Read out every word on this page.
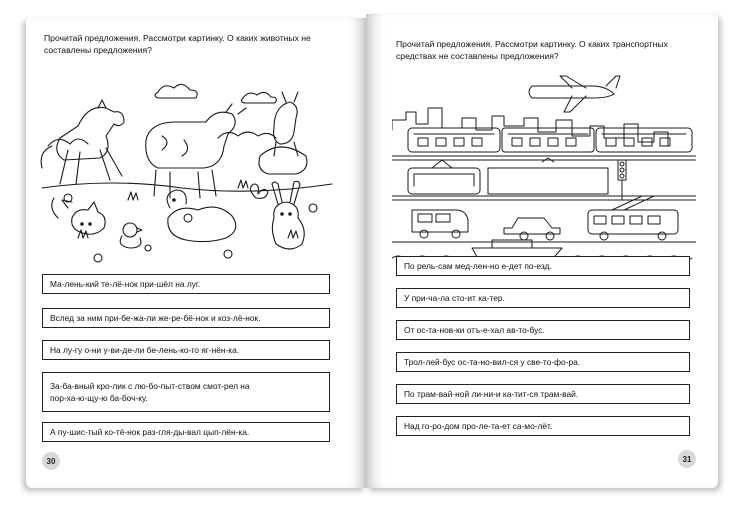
Прочитай предложения. Рассмотри картинку. О каких животных не составлены предложения?
Ма-лень-кий те-лё-нок при-шёл на луг.
Вслед за ним при-бе-жа-ли же-ре-бё-нок и коз-лё-нок.
На лу-гу о-ни у-ви-де-ли бе-лень-ко-го яг-нён-ка.
За-ба-вный кро-лик с лю-бо-пыт-ством смот-рел на пор-ха-ю-щу-ю ба-боч-ку.
А пу-шис-тый ко-тё-нок раз-гля-ды-вал цып-лён-ка.
30
Прочитай предложения. Рассмотри картинку. О каких транспортных средствах не составлены предложения?
По рель-сам мед-лен-но е-дет по-езд.
У при-ча-ла сто-ит ка-тер.
От ос-та-нов-ки отъ-е-хал ав-то-бус.
Трол-лей-бус ос-та-но-вил-ся у све-то-фо-ра.
По трам-вай-ной ли-ни-и ка-тит-ся трам-вай.
Над го-ро-дом про-ле-та-ет са-мо-лёт.
31
